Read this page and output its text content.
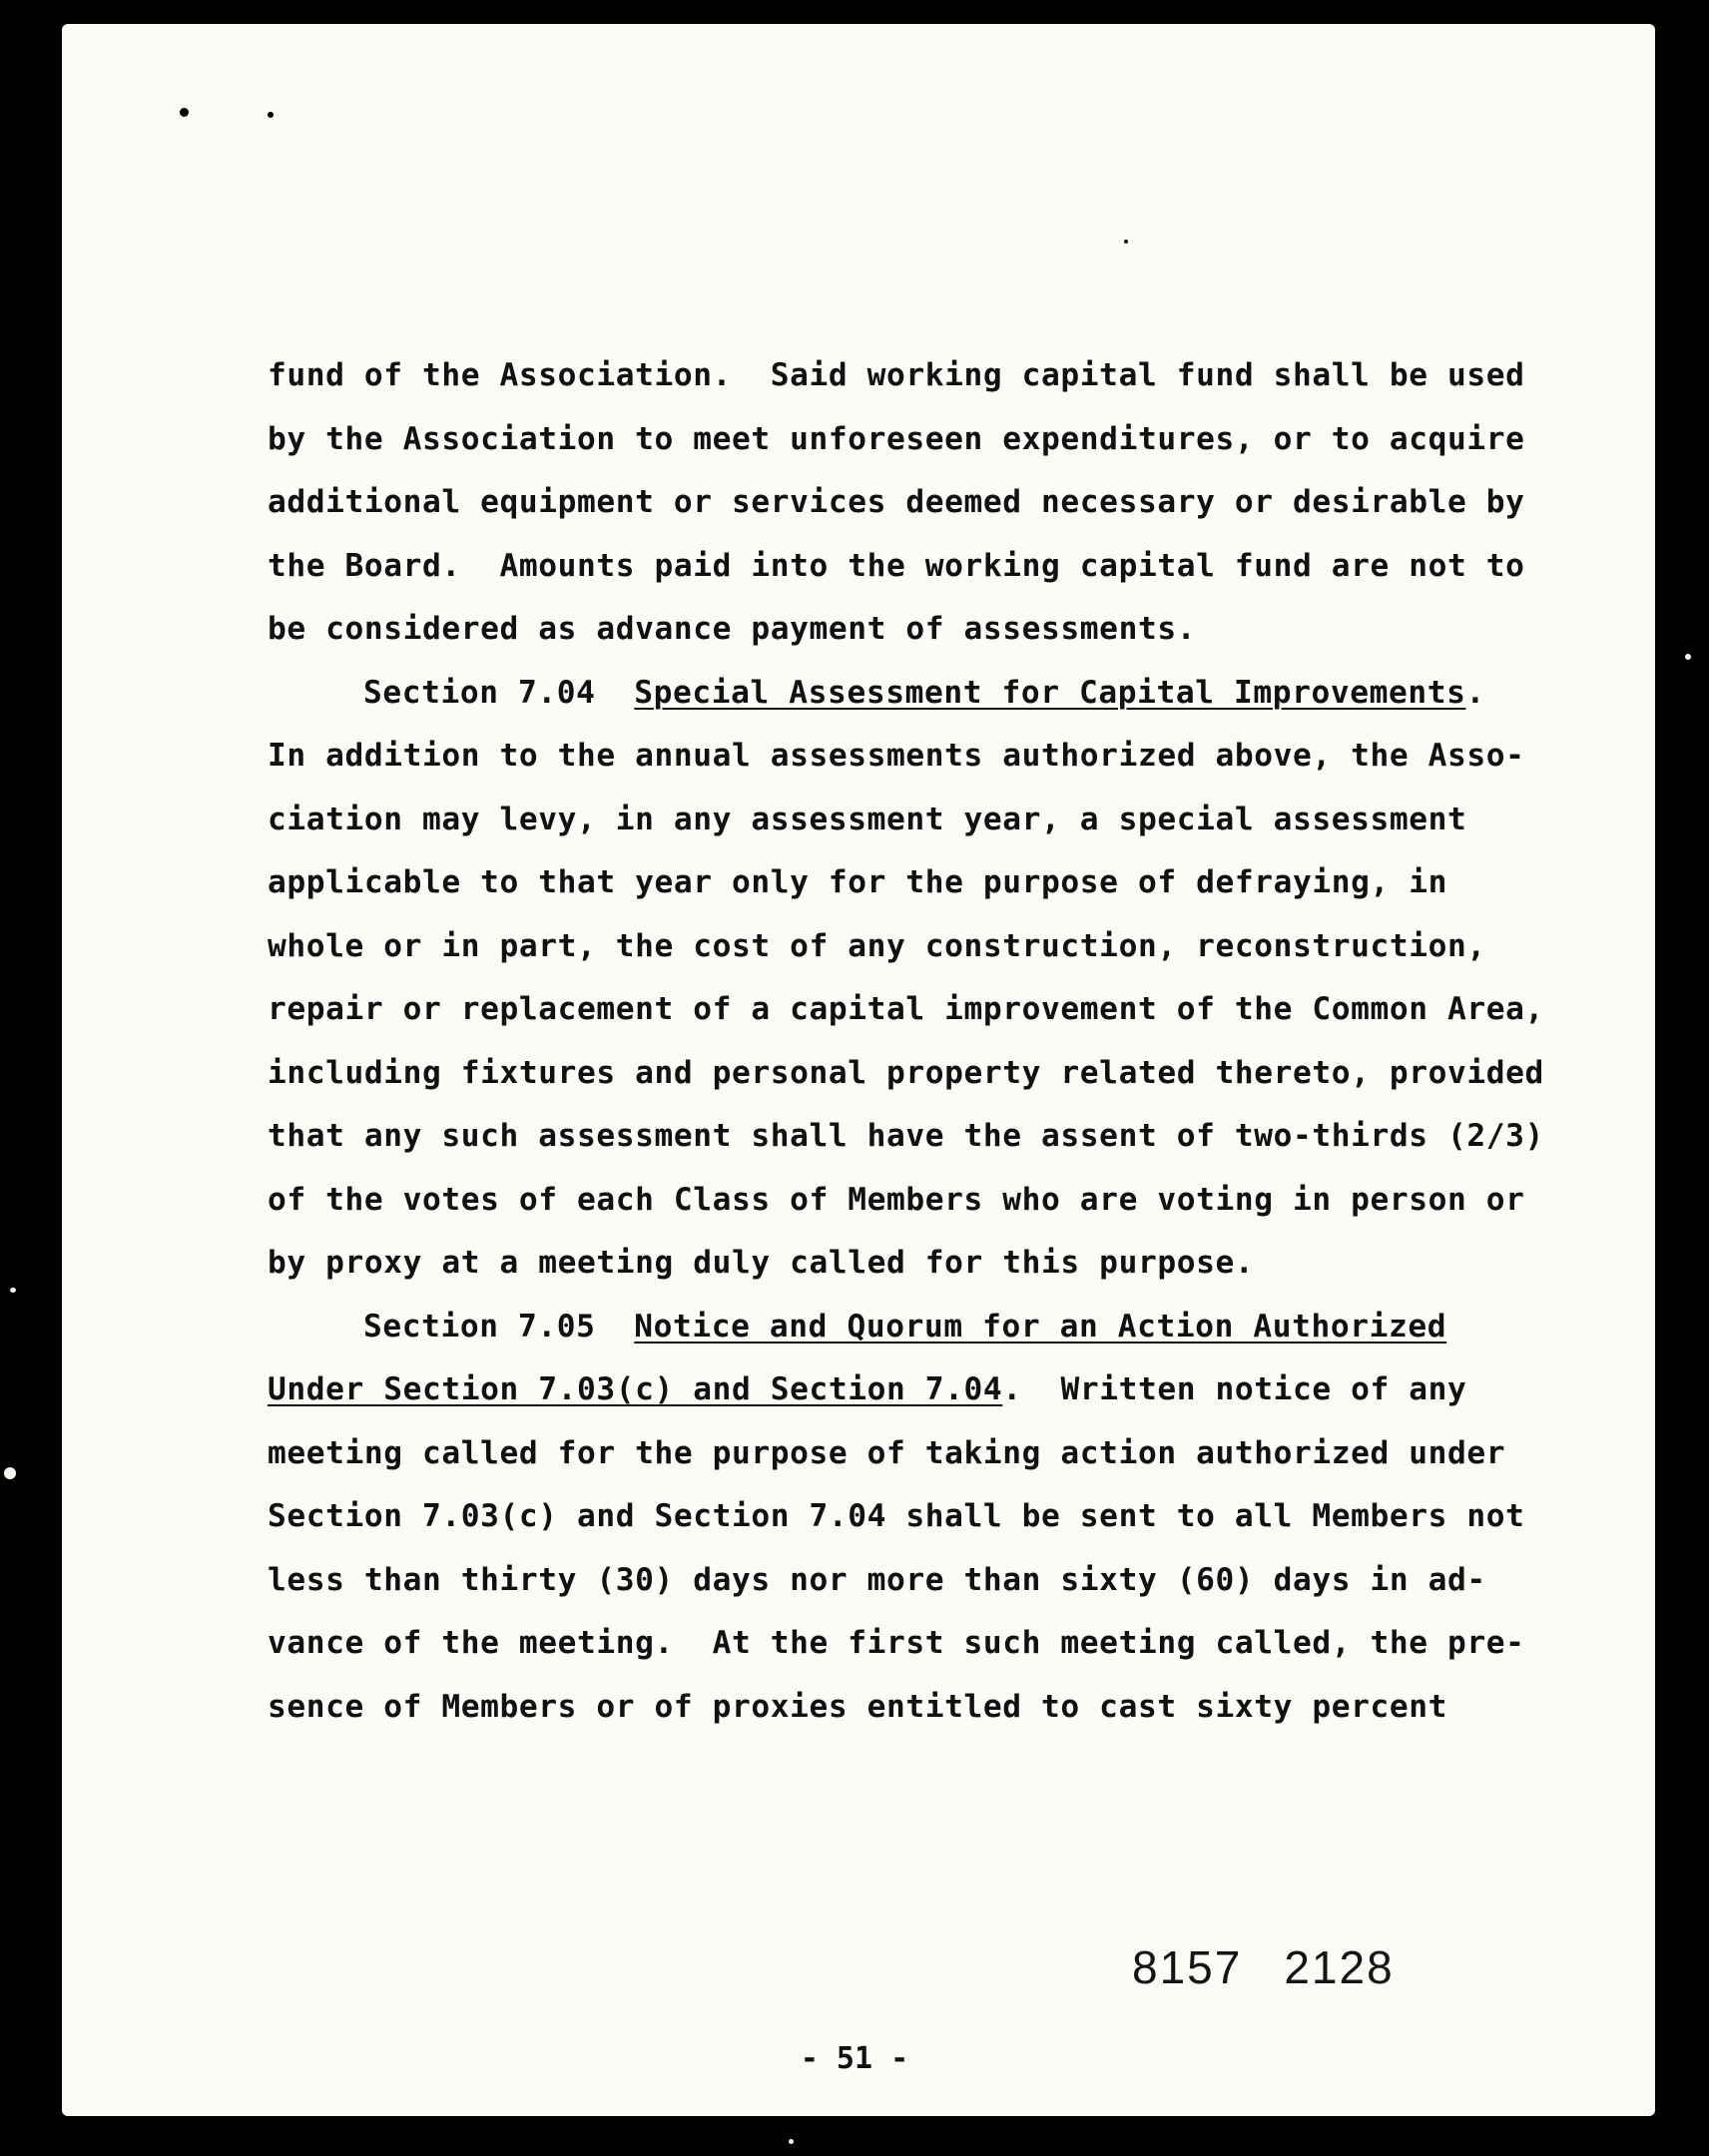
fund of the Association.  Said working capital fund shall be used
by the Association to meet unforeseen expenditures, or to acquire
additional equipment or services deemed necessary or desirable by
the Board.  Amounts paid into the working capital fund are not to
be considered as advance payment of assessments.
Section 7.04 Special Assessment for Capital Improvements.
In addition to the annual assessments authorized above, the Asso-
ciation may levy, in any assessment year, a special assessment
applicable to that year only for the purpose of defraying, in
whole or in part, the cost of any construction, reconstruction,
repair or replacement of a capital improvement of the Common Area,
including fixtures and personal property related thereto, provided
that any such assessment shall have the assent of two-thirds (2/3)
of the votes of each Class of Members who are voting in person or
by proxy at a meeting duly called for this purpose.
Section 7.05 Notice and Quorum for an Action Authorized
Under Section 7.03(c) and Section 7.04.  Written notice of any
meeting called for the purpose of taking action authorized under
Section 7.03(c) and Section 7.04 shall be sent to all Members not
less than thirty (30) days nor more than sixty (60) days in ad-
vance of the meeting.  At the first such meeting called, the pre-
sence of Members or of proxies entitled to cast sixty percent
8157 2128
- 51 -
